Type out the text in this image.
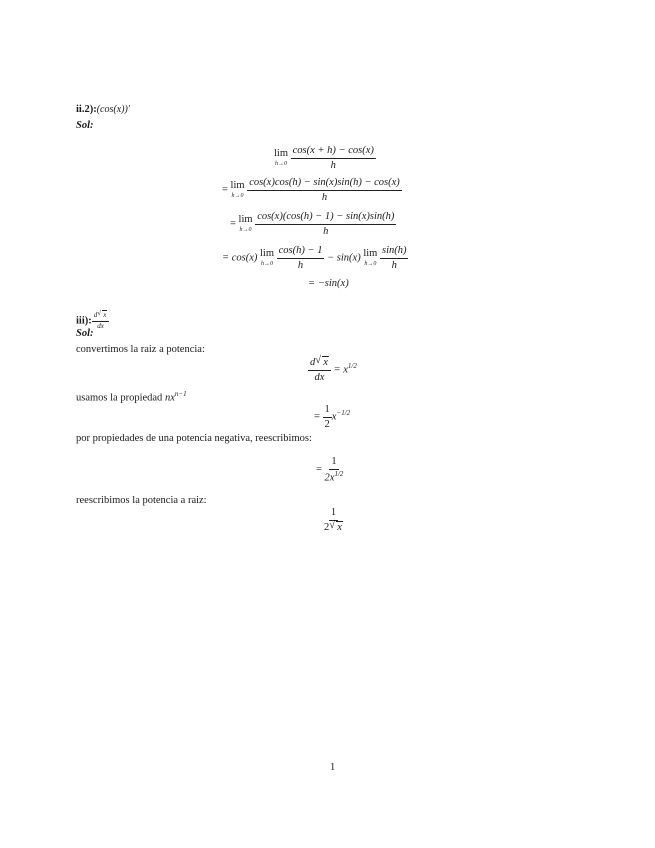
ii.2):(cos(x))′
Sol:
lim
h→0
$\frac{\cos(x + h) - \cos(x)}{h}$
= lim
h→0
$\frac{\cos(x)\cos(h) - \sin(x)\sin(h) - \cos(x)}{h}$
= lim
h→0
$\frac{\cos(x)(\cos(h) - 1) - \sin(x)\sin(h)}{h}$
= cos(x) lim
h→0
$\frac{\cos(h) - 1}{h} - \sin(x)$ lim
h→0
$\frac{\sin(h)}{h}$
= −sin(x)
iii): $\frac{d √ x}{dx}$
Sol:
convertimos la raiz a potencia:
$\frac{d √ x}{dx} = x^{1/2}$
usamos la propiedad $nx^{n-1}$
= $\frac{1}{2} x^{-1/2}$
por propiedades de una potencia negativa, reescribimos:
= $\frac{1}{2x^{1/2}}$
reescribimos la potencia a raiz:
$\frac{1}{2 √ x}$
1
